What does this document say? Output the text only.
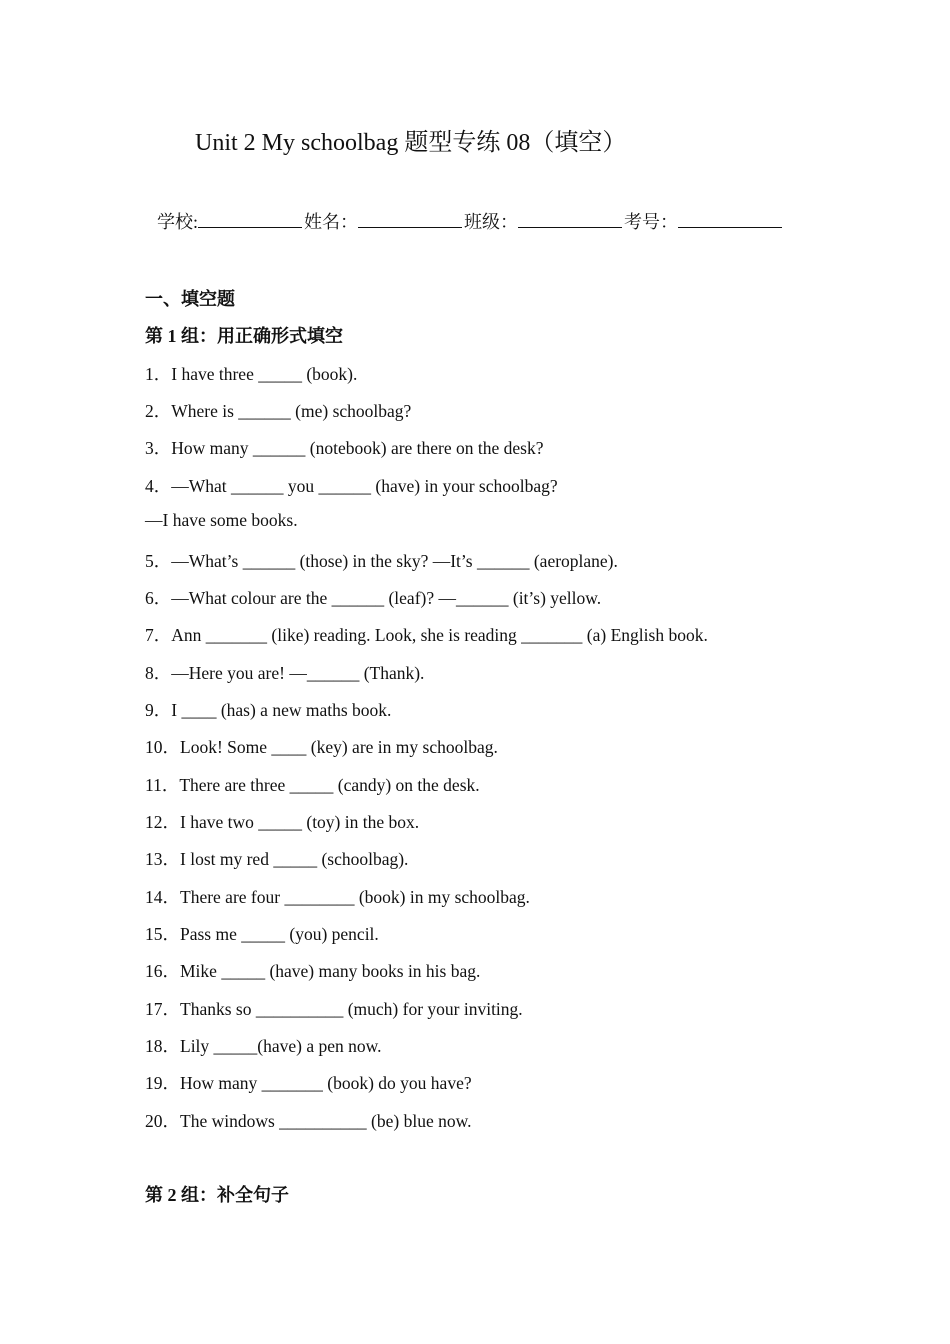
Unit 2 My schoolbag 题型专练 08（填空）
学校:	姓名：	班级：	考号：
一、填空题
第 1 组：用正确形式填空
1．I have three _____ (book).
2．Where is ______ (me) schoolbag?
3．How many ______ (notebook) are there on the desk?
4．—What ______ you ______ (have) in your schoolbag?
—I have some books.
5．—What’s ______ (those) in the sky? —It’s ______ (aeroplane).
6．—What colour are the ______ (leaf)? —______ (it’s) yellow.
7．Ann _______ (like) reading. Look, she is reading _______ (a) English book.
8．—Here you are! —______ (Thank).
9．I ____ (has) a new maths book.
10．Look! Some ____ (key) are in my schoolbag.
11．There are three _____ (candy) on the desk.
12．I have two _____ (toy) in the box.
13．I lost my red _____ (schoolbag).
14．There are four ________ (book) in my schoolbag.
15．Pass me _____ (you) pencil.
16．Mike _____ (have) many books in his bag.
17．Thanks so __________ (much) for your inviting.
18．Lily _____(have) a pen now.
19．How many _______ (book) do you have?
20．The windows __________ (be) blue now.
第 2 组：补全句子
